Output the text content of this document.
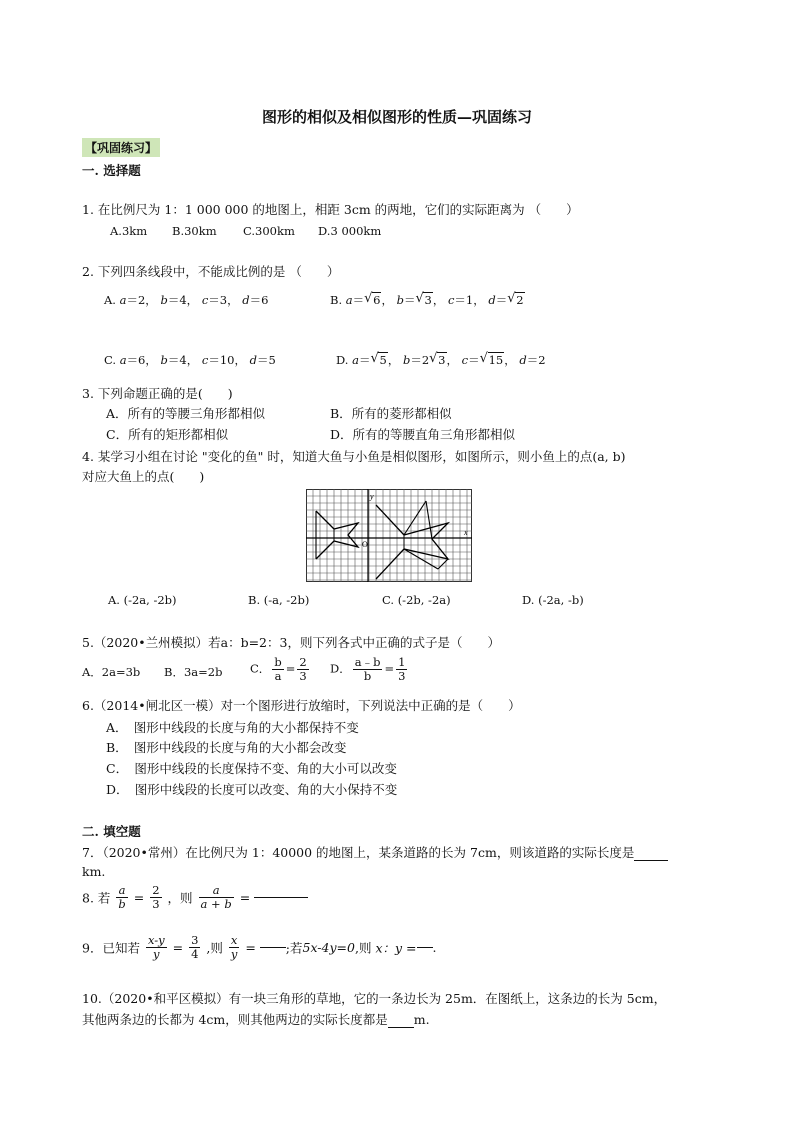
图形的相似及相似图形的性质—巩固练习
【巩固练习】
一. 选择题
1. 在比例尺为 1：1 000 000 的地图上，相距 3cm 的两地，它们的实际距离为 （　　）
A.3km B.30km C.300km D.3 000km
2. 下列四条线段中，不能成比例的是 （　　）
A. a＝2， b＝4， c＝3， d＝6	B. a＝ √ 6， b＝ √ 3， c＝1， d＝ √ 2
C. a＝6， b＝4， c＝10， d＝5	D. a＝ √ 5， b＝2 √ 3， c＝ √ 15， d＝2
3. 下列命题正确的是(　　)
A．所有的等腰三角形都相似	B．所有的菱形都相似
C．所有的矩形都相似	D．所有的等腰直角三角形都相似
4. 某学习小组在讨论 "变化的鱼" 时，知道大鱼与小鱼是相似图形，如图所示，则小鱼上的点(a, b)
对应大鱼上的点(　　)
y
x
O
A. (-2a, -2b)	B. (-a, -2b)	C. (-2b, -2a)	D. (-2a, -b)
5.（2020•兰州模拟）若a：b=2：3，则下列各式中正确的式子是（　　）
A．2a=3b B．3a=2b C． $\frac{b}{a} = \frac{2}{3}$ D． $\frac{a﹣b}{b} = \frac{1}{3}$
6.（2014•闸北区一模）对一个图形进行放缩时，下列说法中正确的是（　　）
A．　图形中线段的长度与角的大小都保持不变
B．　图形中线段的长度与角的大小都会改变
C．　图形中线段的长度保持不变、角的大小可以改变
D．　图形中线段的长度可以改变、角的大小保持不变
二. 填空题
7．（2020•常州）在比例尺为 1：40000 的地图上，某条道路的长为 7cm，则该道路的实际长度是
km.
8. 若 $\frac{a}{b} = \frac{2}{3}$ ，则 $\frac{a}{a + b}$ =
9．已知若 $\frac{x-y}{y} = \frac{3}{4}$ ,则 $\frac{x}{y}$ = ;若5x-4y=0,则 x：y = .
10.（2020•和平区模拟）有一块三角形的草地，它的一条边长为 25m．在图纸上，这条边的长为 5cm，
其他两条边的长都为 4cm，则其他两边的实际长度都是 m.
